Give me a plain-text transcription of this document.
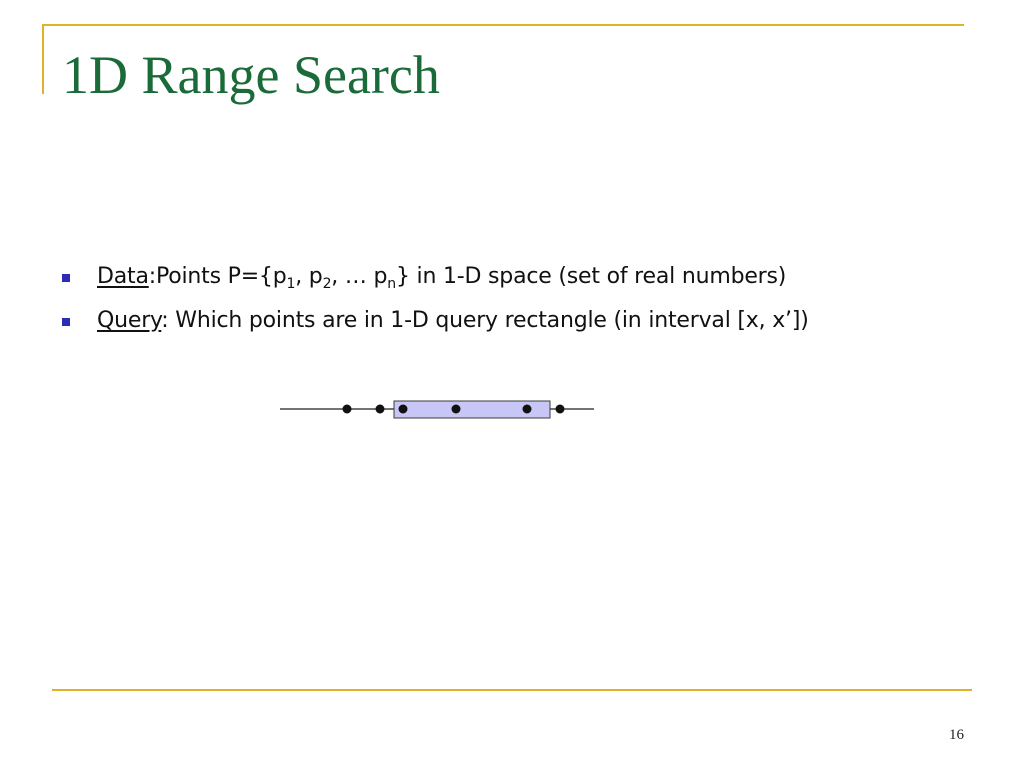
1D Range Search
Data:Points $P=\{p_1$, $p_2$, … $p_n$} in 1-D space (set of real numbers)
Query: Which points are in 1-D query rectangle (in interval [x, x’])
16
